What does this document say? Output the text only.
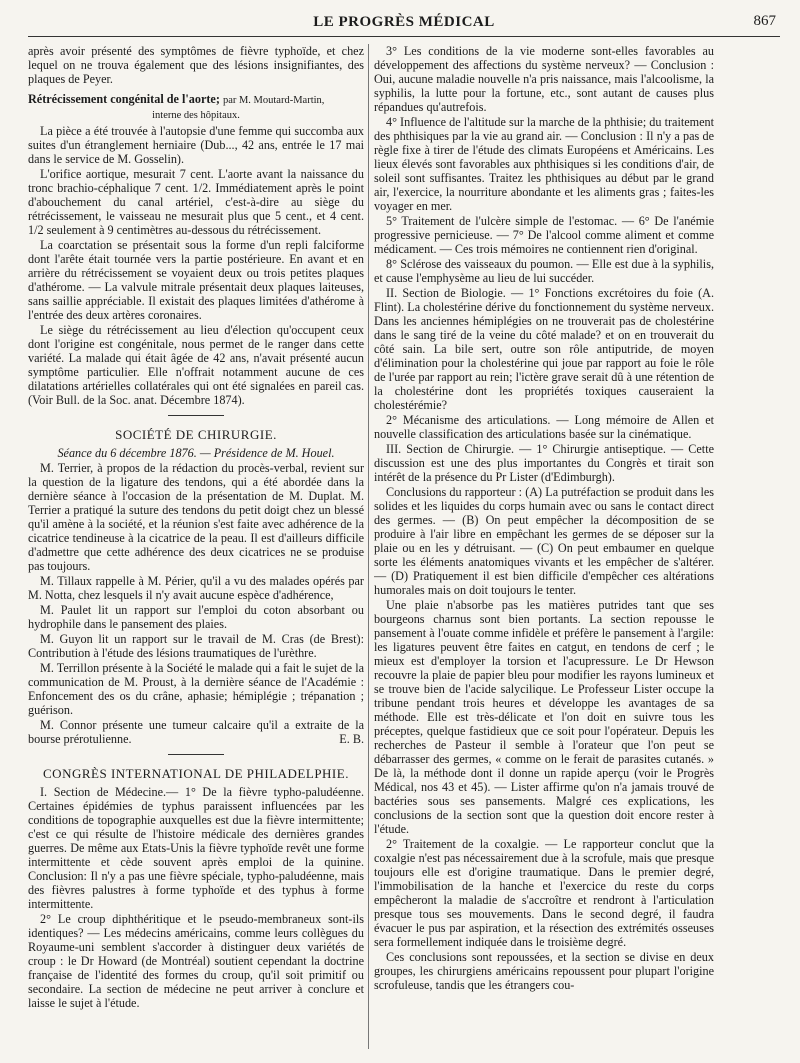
LE PROGRÈS MÉDICAL	867

après avoir présenté des symptômes de fièvre typhoïde, et chez lequel on ne trouva également que des lésions insignifiantes, des plaques de Peyer.

Rétrécissement congénital de l'aorte; par M. Moutard-Martin,

interne des hôpitaux.

La pièce a été trouvée à l'autopsie d'une femme qui succomba aux suites d'un étranglement herniaire (Dub..., 42 ans, entrée le 17 mai dans le service de M. Gosselin).

L'orifice aortique, mesurait 7 cent. L'aorte avant la naissance du tronc brachio-céphalique 7 cent. 1/2. Immédiatement après le point d'abouchement du canal artériel, c'est-à-dire au siège du rétrécissement, le vaisseau ne mesurait plus que 5 cent., et 4 cent. 1/2 seulement à 9 centimètres au-dessous du rétrécissement.

La coarctation se présentait sous la forme d'un repli falciforme dont l'arête était tournée vers la partie postérieure. En avant et en arrière du rétrécissement se voyaient deux ou trois petites plaques d'athérome. — La valvule mitrale présentait deux plaques laiteuses, sans saillie appréciable. Il existait des plaques limitées d'athérome à l'entrée des deux artères coronaires.

Le siège du rétrécissement au lieu d'élection qu'occupent ceux dont l'origine est congénitale, nous permet de le ranger dans cette variété. La malade qui était âgée de 42 ans, n'avait présenté aucun symptôme particulier. Elle n'offrait notamment aucune de ces dilatations artérielles collatérales qui ont été signalées en pareil cas. (Voir Bull. de la Soc. anat. Décembre 1874).

SOCIÉTÉ DE CHIRURGIE.

Séance du 6 décembre 1876. — Présidence de M. Houel.

M. Terrier, à propos de la rédaction du procès-verbal, revient sur la question de la ligature des tendons, qui a été abordée dans la dernière séance à l'occasion de la présentation de M. Duplat. M. Terrier a pratiqué la suture des tendons du petit doigt chez un blessé qu'il amène à la société, et la réunion s'est faite avec adhérence de la cicatrice tendineuse à la cicatrice de la peau. Il est d'ailleurs difficile d'admettre que cette adhérence des deux cicatrices ne se produise pas toujours.

M. Tillaux rappelle à M. Périer, qu'il a vu des malades opérés par M. Notta, chez lesquels il n'y avait aucune espèce d'adhérence,

M. Paulet lit un rapport sur l'emploi du coton absorbant ou hydrophile dans le pansement des plaies.

M. Guyon lit un rapport sur le travail de M. Cras (de Brest): Contribution à l'étude des lésions traumatiques de l'urèthre.

M. Terrillon présente à la Société le malade qui a fait le sujet de la communication de M. Proust, à la dernière séance de l'Académie : Enfoncement des os du crâne, aphasie; hémiplégie ; trépanation ; guérison.

M. Connor présente une tumeur calcaire qu'il a extraite de la bourse prérotulienne.	E. B.

CONGRÈS INTERNATIONAL DE PHILADELPHIE.

I. Section de Médecine.— 1° De la fièvre typho-paludéenne. Certaines épidémies de typhus paraissent influencées par les conditions de topographie auxquelles est due la fièvre intermittente; c'est ce qui résulte de l'histoire médicale des dernières grandes guerres. De même aux Etats-Unis la fièvre typhoïde revêt une forme intermittente et cède souvent après emploi de la quinine. Conclusion: Il n'y a pas une fièvre spéciale, typho-paludéenne, mais des fièvres palustres à forme typhoïde et des typhus à forme intermittente.

2° Le croup diphthéritique et le pseudo-membraneux sont-ils identiques? — Les médecins américains, comme leurs collègues du Royaume-uni semblent s'accorder à distinguer deux variétés de croup : le Dr Howard (de Montréal) soutient cependant la doctrine française de l'identité des formes du croup, qu'il soit primitif ou secondaire. La section de médecine ne peut arriver à conclure et laisse le sujet à l'étude.

3° Les conditions de la vie moderne sont-elles favorables au développement des affections du système nerveux? — Conclusion : Oui, aucune maladie nouvelle n'a pris naissance, mais l'alcoolisme, la syphilis, la lutte pour la fortune, etc., sont autant de causes plus répandues qu'autrefois.

4° Influence de l'altitude sur la marche de la phthisie; du traitement des phthisiques par la vie au grand air. — Conclusion : Il n'y a pas de règle fixe à tirer de l'étude des climats Européens et Américains. Les lieux élevés sont favorables aux phthisiques si les conditions d'air, de soleil sont suffisantes. Traitez les phthisiques au début par le grand air, l'exercice, la nourriture abondante et les aliments gras ; faites-les voyager en mer.

5° Traitement de l'ulcère simple de l'estomac. — 6° De l'anémie progressive pernicieuse. — 7° De l'alcool comme aliment et comme médicament. — Ces trois mémoires ne contiennent rien d'original.

8° Sclérose des vaisseaux du poumon. — Elle est due à la syphilis, et cause l'emphysème au lieu de lui succéder.

II. Section de Biologie. — 1° Fonctions excrétoires du foie (A. Flint). La cholestérine dérive du fonctionnement du système nerveux. Dans les anciennes hémiplégies on ne trouverait pas de cholestérine dans le sang tiré de la veine du côté malade? et on en trouverait du côté sain. La bile sert, outre son rôle antiputride, de moyen d'élimination pour la cholestérine qui joue par rapport au foie le rôle de l'urée par rapport au rein; l'ictère grave serait dû à une rétention de la cholestérine dont les propriétés toxiques causeraient la cholestérémie?

2° Mécanisme des articulations. — Long mémoire de Allen et nouvelle classification des articulations basée sur la cinématique.

III. Section de Chirurgie. — 1° Chirurgie antiseptique. — Cette discussion est une des plus importantes du Congrès et tirait son intérêt de la présence du Pr Lister (d'Edimburgh).

Conclusions du rapporteur : (A) La putréfaction se produit dans les solides et les liquides du corps humain avec ou sans le contact direct des germes. — (B) On peut empêcher la décomposition de se produire à l'air libre en empêchant les germes de se déposer sur la plaie ou en les y détruisant. — (C) On peut embaumer en quelque sorte les éléments anatomiques vivants et les empêcher de s'altérer. — (D) Pratiquement il est bien difficile d'empêcher ces altérations humorales mais on doit toujours le tenter.

Une plaie n'absorbe pas les matières putrides tant que ses bourgeons charnus sont bien portants. La section repousse le pansement à l'ouate comme infidèle et préfère le pansement à l'argile: les ligatures peuvent être faites en catgut, en tendons de cerf ; le mieux est d'employer la torsion et l'acupressure. Le Dr Hewson recouvre la plaie de papier bleu pour modifier les rayons lumineux et se trouve bien de l'acide salycilique. Le Professeur Lister occupe la tribune pendant trois heures et développe les avantages de sa méthode. Elle est très-délicate et l'on doit en suivre tous les préceptes, quelque fastidieux que ce soit pour l'opérateur. Depuis les recherches de Pasteur il semble à l'orateur que l'on peut se débarrasser des germes, « comme on le ferait de parasites cutanés. » De là, la méthode dont il donne un rapide aperçu (voir le Progrès Médical, nos 43 et 45). — Lister affirme qu'on n'a jamais trouvé de bactéries sous ses pansements. Malgré ces explications, les conclusions de la section sont que la question doit encore rester à l'étude.

2° Traitement de la coxalgie. — Le rapporteur conclut que la coxalgie n'est pas nécessairement due à la scrofule, mais que presque toujours elle est d'origine traumatique. Dans le premier degré, l'immobilisation de la hanche et l'exercice du reste du corps empêcheront la maladie de s'accroître et rendront à l'articulation presque tous ses mouvements. Dans le second degré, il faudra évacuer le pus par aspiration, et la résection des extrémités osseuses sera formellement indiquée dans le troisième degré.

Ces conclusions sont repoussées, et la section se divise en deux groupes, les chirurgiens américains repoussent pour plupart l'origine scrofuleuse, tandis que les étrangers cou-
